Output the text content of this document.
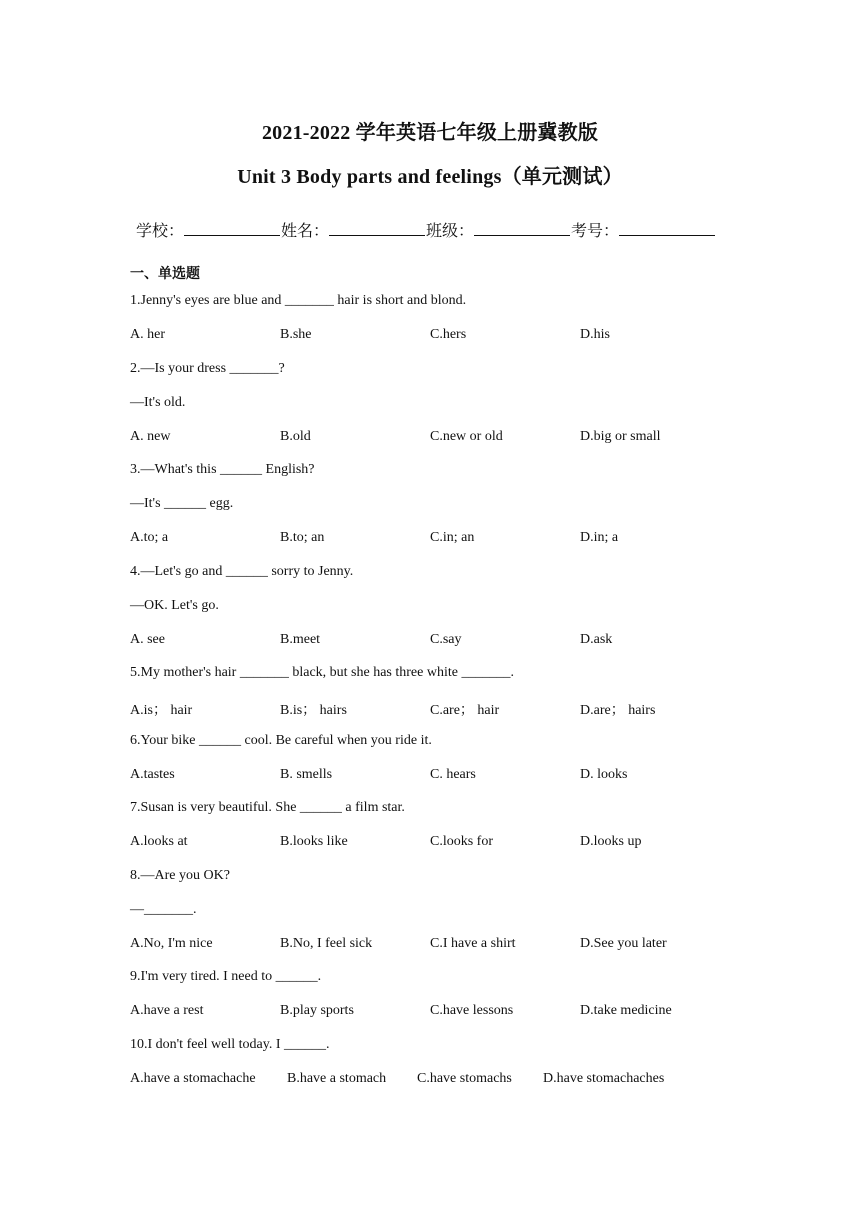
2021-2022 学年英语七年级上册冀教版
Unit 3 Body parts and feelings（单元测试）
学校：	姓名：	班级：	考号：
一、单选题
1.Jenny's eyes are blue and _______ hair is short and blond.
A. her	B.she	C.hers	D.his
2.—Is your dress _______?
—It's old.
A. new	B.old	C.new or old	D.big or small
3.—What's this ______ English?
—It's ______ egg.
A.to; a	B.to; an	C.in; an	D.in; a
4.—Let's go and ______ sorry to Jenny.
—OK. Let's go.
A. see	B.meet	C.say	D.ask
5.My mother's hair _______ black, but she has three white _______.
A.is； hair	B.is； hairs	C.are； hair	D.are； hairs
6.Your bike ______ cool. Be careful when you ride it.
A.tastes	B. smells	C. hears	D. looks
7.Susan is very beautiful. She ______ a film star.
A.looks at	B.looks like	C.looks for	D.looks up
8.—Are you OK?
—_______.
A.No, I'm nice	B.No, I feel sick	C.I have a shirt	D.See you later
9.I'm very tired. I need to ______.
A.have a rest	B.play sports	C.have lessons	D.take medicine
10.I don't feel well today. I ______.
A.have a stomachache B.have a stomach C.have stomachs D.have stomachaches
